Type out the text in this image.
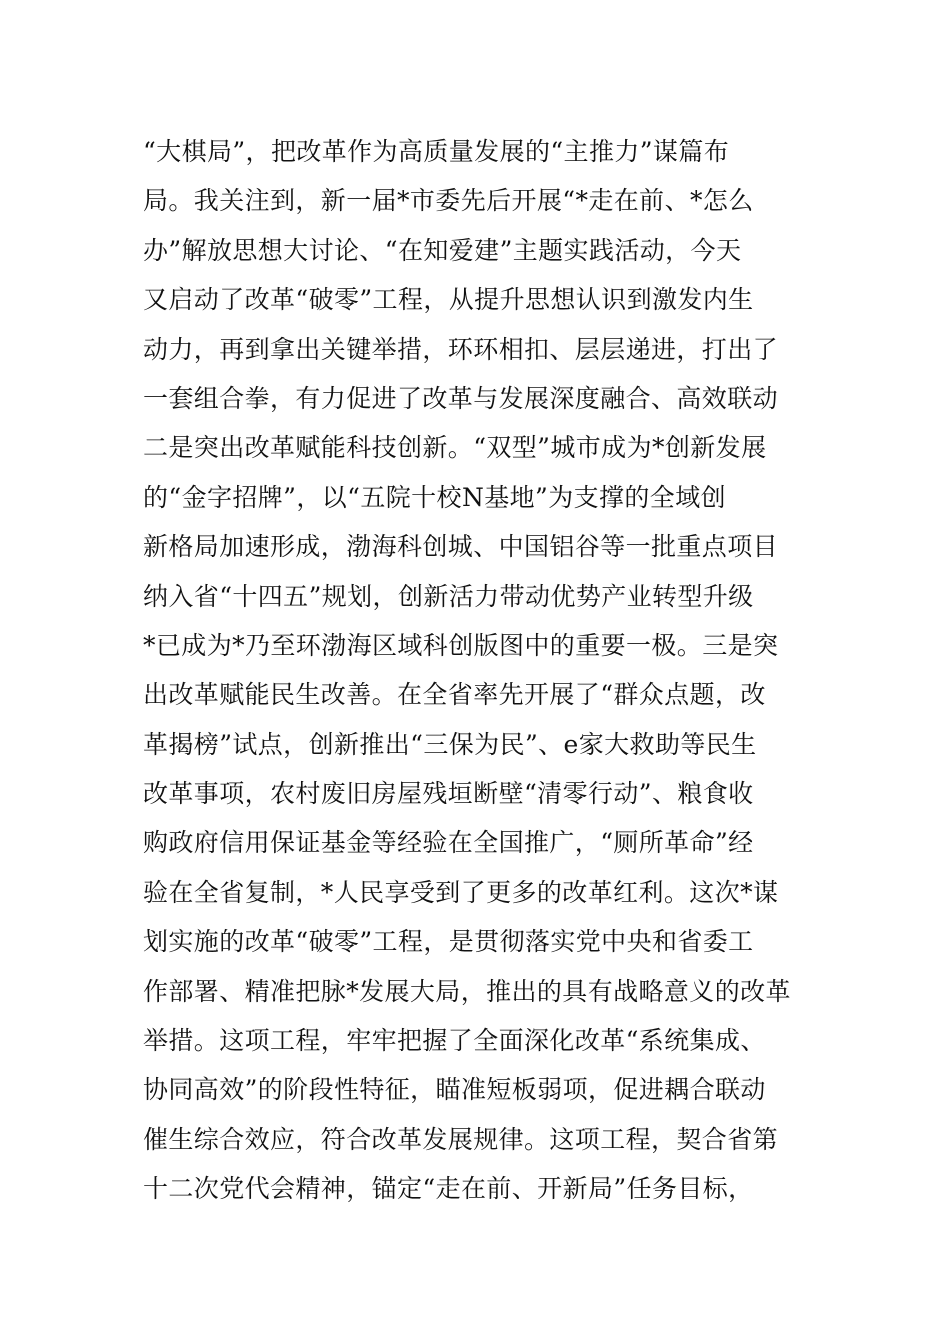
“大棋局”，把改革作为高质量发展的“主推力”谋篇布
局。我关注到，新一届*市委先后开展“*走在前、*怎么
办”解放思想大讨论、“在知爱建”主题实践活动，今天
又启动了改革“破零”工程，从提升思想认识到激发内生
动力，再到拿出关键举措，环环相扣、层层递进，打出了
一套组合拳，有力促进了改革与发展深度融合、高效联动
二是突出改革赋能科技创新。“双型”城市成为*创新发展
的“金字招牌”，以“五院十校N基地”为支撑的全域创
新格局加速形成，渤海科创城、中国铝谷等一批重点项目
纳入省“十四五”规划，创新活力带动优势产业转型升级
*已成为*乃至环渤海区域科创版图中的重要一极。三是突
出改革赋能民生改善。在全省率先开展了“群众点题，改
革揭榜”试点，创新推出“三保为民”、e家大救助等民生
改革事项，农村废旧房屋残垣断壁“清零行动”、粮食收
购政府信用保证基金等经验在全国推广，“厕所革命”经
验在全省复制，*人民享受到了更多的改革红利。这次*谋
划实施的改革“破零”工程，是贯彻落实党中央和省委工
作部署、精准把脉*发展大局，推出的具有战略意义的改革
举措。这项工程，牢牢把握了全面深化改革“系统集成、
协同高效”的阶段性特征，瞄准短板弱项，促进耦合联动
催生综合效应，符合改革发展规律。这项工程，契合省第
十二次党代会精神，锚定“走在前、开新局”任务目标，
